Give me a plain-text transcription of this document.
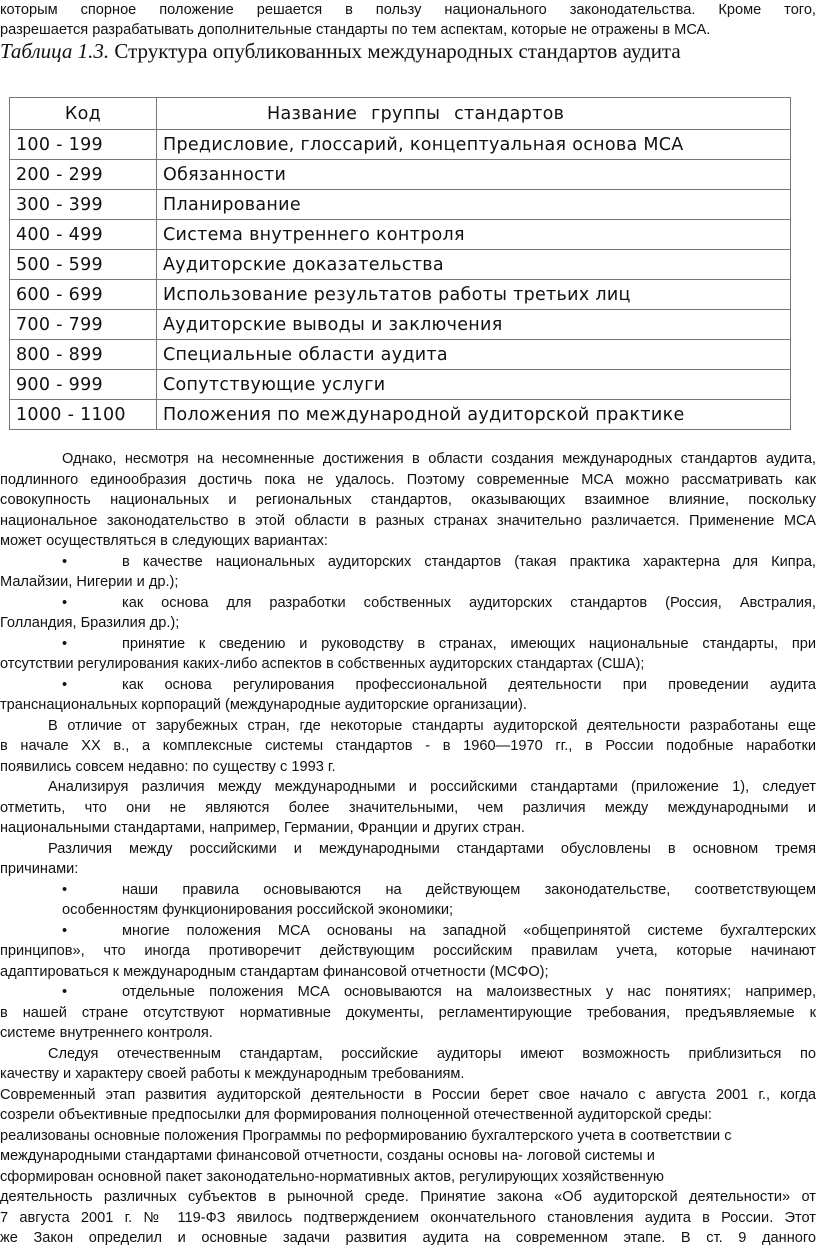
которым спорное положение решается в пользу национального законодательства. Кроме того,
разрешается разрабатывать дополнительные стандарты по тем аспектам, которые не отражены в МСА.
Таблица 1.3. Структура опубликованных международных стандартов аудита
Код	Название группы стандартов
100 - 199	Предисловие, глоссарий, концептуальная основа МСА
200 - 299	Обязанности
300 - 399	Планирование
400 - 499	Система внутреннего контроля
500 - 599	Аудиторские доказательства
600 - 699	Использование результатов работы третьих лиц
700 - 799	Аудиторские выводы и заключения
800 - 899	Специальные области аудита
900 - 999	Сопутствующие услуги
1000 - 1100	Положения по международной аудиторской практике
Однако, несмотря на несомненные достижения в области создания международных стандартов аудита,
подлинного единообразия достичь пока не удалось. Поэтому современные МСА можно рассматривать как
совокупность национальных и региональных стандартов, оказывающих взаимное влияние, поскольку
национальное законодательство в этой области в разных странах значительно различается. Применение МСА
может осуществляться в следующих вариантах:
•	в качестве национальных аудиторских стандартов (такая практика характерна для Кипра,
Малайзии, Нигерии и др.);
•	как основа для разработки собственных аудиторских стандартов (Россия, Австралия,
Голландия, Бразилия др.);
•	принятие к сведению и руководству в странах, имеющих национальные стандарты, при
отсутствии регулирования каких-либо аспектов в собственных аудиторских стандартах (США);
•	как основа регулирования профессиональной деятельности при проведении аудита
транснациональных корпораций (международные аудиторские организации).
В отличие от зарубежных стран, где некоторые стандарты аудиторской деятельности разработаны еще
в начале XX в., а комплексные системы стандартов - в 1960—1970 гг., в России подобные наработки
появились совсем недавно: по существу с 1993 г.
Анализируя различия между международными и российскими стандартами (приложение 1), следует
отметить, что они не являются более значительными, чем различия между международными и
национальными стандартами, например, Германии, Франции и других стран.
Различия между российскими и международными стандартами обусловлены в основном тремя
причинами:
•	наши правила основываются на действующем законодательстве, соответствующем
особенностям функционирования российской экономики;
•	многие положения МСА основаны на западной «общепринятой системе бухгалтерских
принципов», что иногда противоречит действующим российским правилам учета, которые начинают
адаптироваться к международным стандартам финансовой отчетности (МСФО);
•	отдельные положения МСА основываются на малоизвестных у нас понятиях; например,
в нашей стране отсутствуют нормативные документы, регламентирующие требования, предъявляемые к
системе внутреннего контроля.
Следуя отечественным стандартам, российские аудиторы имеют возможность приблизиться по
качеству и характеру своей работы к международным требованиям.
Современный этап развития аудиторской деятельности в России берет свое начало с августа 2001 г., когда
созрели объективные предпосылки для формирования полноценной отечественной аудиторской среды:
реализованы основные положения Программы по реформированию бухгалтерского учета в соответствии с
международными стандартами финансовой отчетности, созданы основы на- логовой системы и
сформирован основной пакет законодательно-нормативных актов, регулирующих хозяйственную
деятельность различных субъектов в рыночной среде. Принятие закона «Об аудиторской деятельности» от
7 августа 2001 г. № 119-ФЗ явилось подтверждением окончательного становления аудита в России. Этот
же Закон определил и основные задачи развития аудита на современном этапе. В ст. 9 данного
